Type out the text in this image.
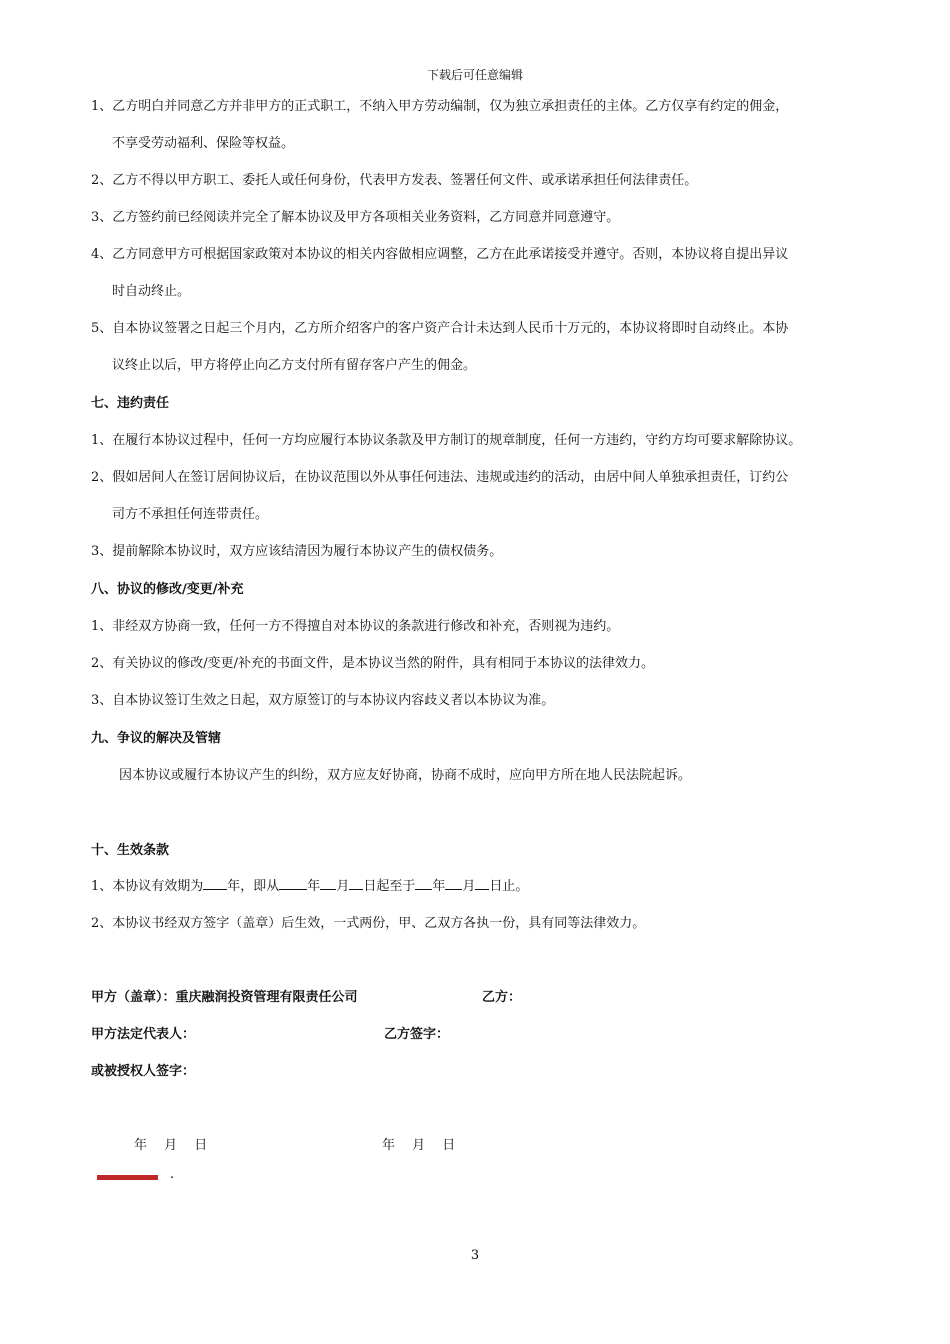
下载后可任意编辑
1、乙方明白并同意乙方并非甲方的正式职工，不纳入甲方劳动编制，仅为独立承担责任的主体。乙方仅享有约定的佣金，
不享受劳动福利、保险等权益。
2、乙方不得以甲方职工、委托人或任何身份，代表甲方发表、签署任何文件、或承诺承担任何法律责任。
3、乙方签约前已经阅读并完全了解本协议及甲方各项相关业务资料，乙方同意并同意遵守。
4、乙方同意甲方可根据国家政策对本协议的相关内容做相应调整，乙方在此承诺接受并遵守。否则，本协议将自提出异议
时自动终止。
5、自本协议签署之日起三个月内，乙方所介绍客户的客户资产合计未达到人民币十万元的，本协议将即时自动终止。本协
议终止以后，甲方将停止向乙方支付所有留存客户产生的佣金。
七、违约责任
1、在履行本协议过程中，任何一方均应履行本协议条款及甲方制订的规章制度，任何一方违约，守约方均可要求解除协议。
2、假如居间人在签订居间协议后，在协议范围以外从事任何违法、违规或违约的活动，由居中间人单独承担责任，订约公
司方不承担任何连带责任。
3、提前解除本协议时，双方应该结清因为履行本协议产生的债权债务。
八、协议的修改/变更/补充
1、非经双方协商一致，任何一方不得擅自对本协议的条款进行修改和补充，否则视为违约。
2、有关协议的修改/变更/补充的书面文件，是本协议当然的附件，具有相同于本协议的法律效力。
3、自本协议签订生效之日起，双方原签订的与本协议内容歧义者以本协议为准。
九、争议的解决及管辖
因本协议或履行本协议产生的纠纷，双方应友好协商，协商不成时，应向甲方所在地人民法院起诉。
十、生效条款
1、本协议有效期为 年，即从 年 月 日起至于 年 月 日止。
2、本协议书经双方签字（盖章）后生效，一式两份，甲、乙双方各执一份，具有同等法律效力。
甲方（盖章）：重庆融润投资管理有限责任公司	乙方：
甲方法定代表人：	乙方签字：
或被授权人签字：
年　 月　 日	年　 月　 日
.
3
